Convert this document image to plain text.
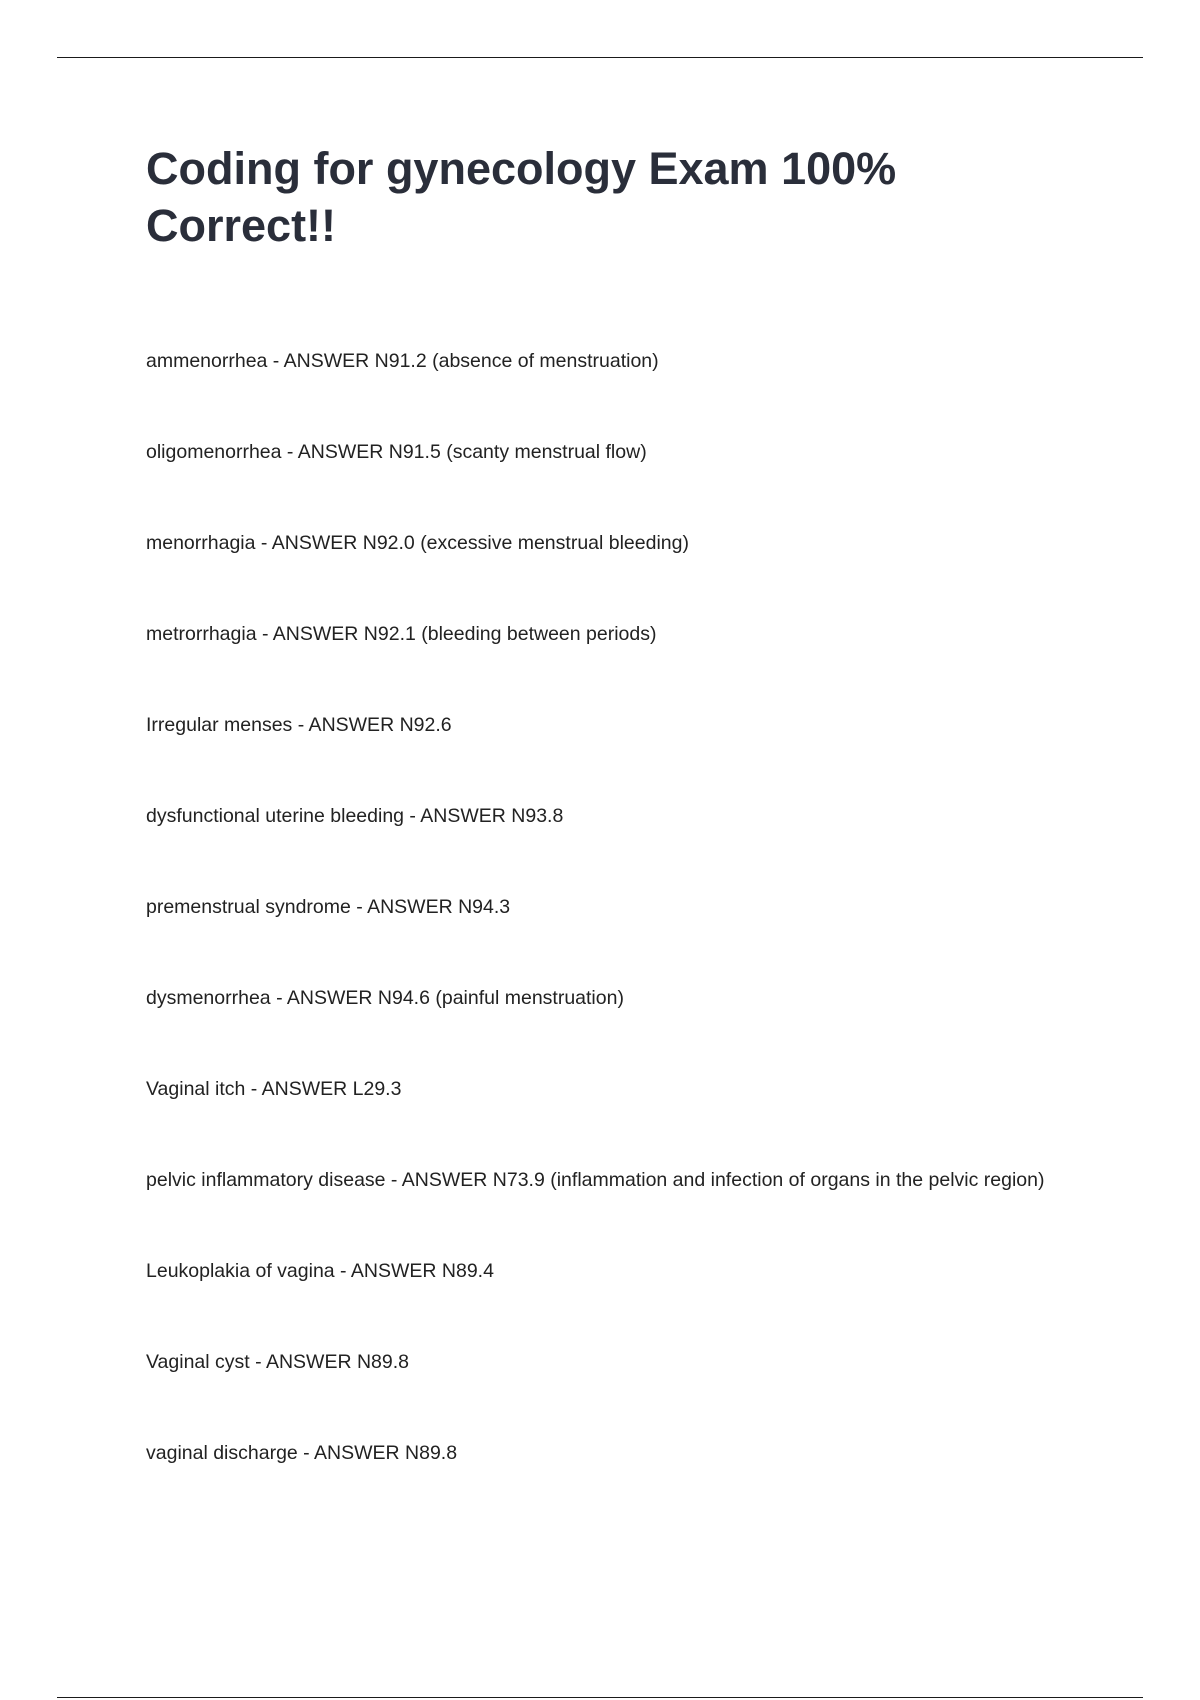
Coding for gynecology Exam 100% Correct!!
ammenorrhea - ANSWER N91.2 (absence of menstruation)
oligomenorrhea - ANSWER N91.5 (scanty menstrual flow)
menorrhagia - ANSWER N92.0 (excessive menstrual bleeding)
metrorrhagia - ANSWER N92.1 (bleeding between periods)
Irregular menses - ANSWER N92.6
dysfunctional uterine bleeding - ANSWER N93.8
premenstrual syndrome - ANSWER N94.3
dysmenorrhea - ANSWER N94.6 (painful menstruation)
Vaginal itch - ANSWER L29.3
pelvic inflammatory disease - ANSWER N73.9 (inflammation and infection of organs in the pelvic region)
Leukoplakia of vagina - ANSWER N89.4
Vaginal cyst - ANSWER N89.8
vaginal discharge - ANSWER N89.8
